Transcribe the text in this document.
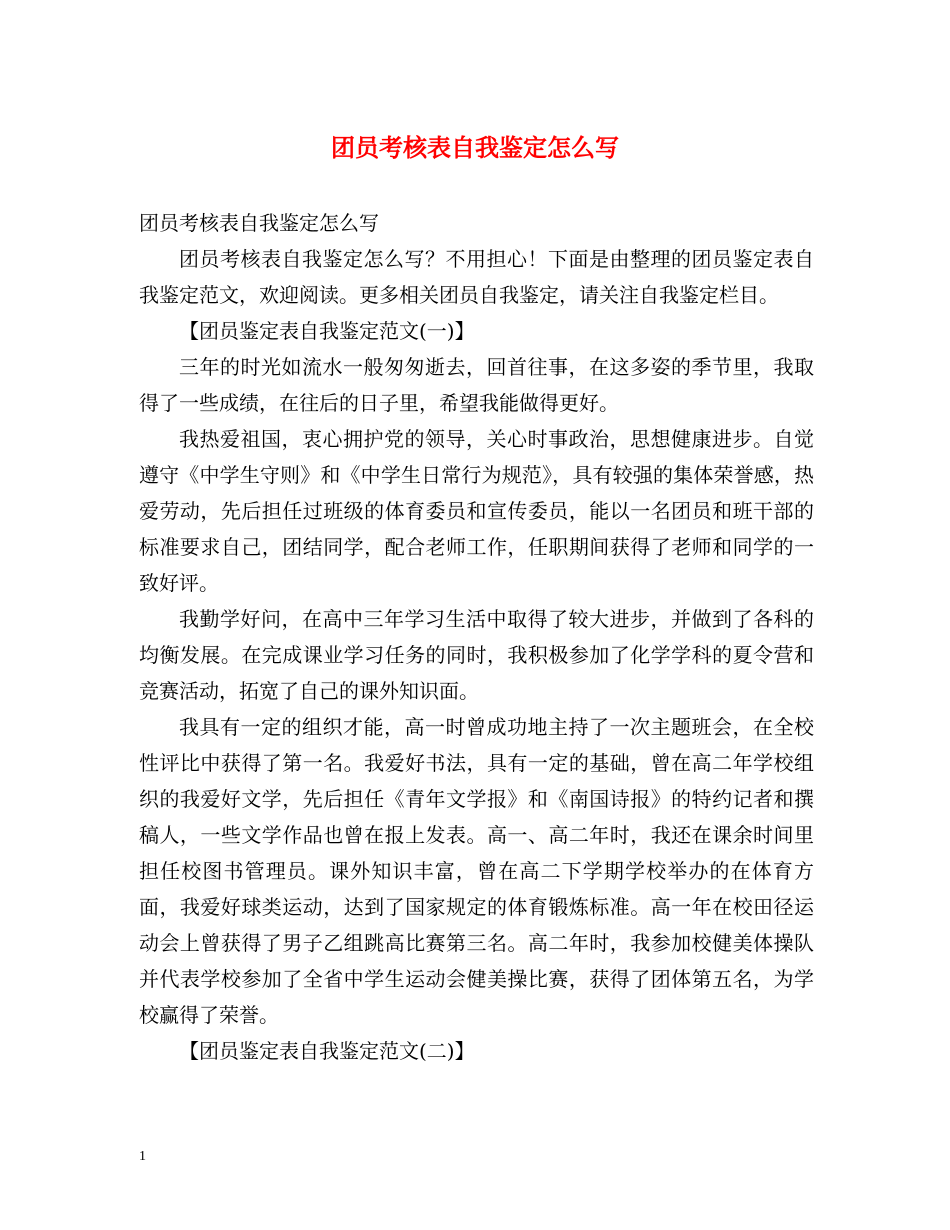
团员考核表自我鉴定怎么写

团员考核表自我鉴定怎么写

团员考核表自我鉴定怎么写？不用担心！下面是由整理的团员鉴定表自我鉴定范文，欢迎阅读。更多相关团员自我鉴定，请关注自我鉴定栏目。

【团员鉴定表自我鉴定范文(一)】

三年的时光如流水一般匆匆逝去，回首往事，在这多姿的季节里，我取得了一些成绩，在往后的日子里，希望我能做得更好。

我热爱祖国，衷心拥护党的领导，关心时事政治，思想健康进步。自觉遵守《中学生守则》和《中学生日常行为规范》，具有较强的集体荣誉感，热爱劳动，先后担任过班级的体育委员和宣传委员，能以一名团员和班干部的标准要求自己，团结同学，配合老师工作，任职期间获得了老师和同学的一致好评。

我勤学好问，在高中三年学习生活中取得了较大进步，并做到了各科的均衡发展。在完成课业学习任务的同时，我积极参加了化学学科的夏令营和竞赛活动，拓宽了自己的课外知识面。

我具有一定的组织才能，高一时曾成功地主持了一次主题班会，在全校性评比中获得了第一名。我爱好书法，具有一定的基础，曾在高二年学校组织的我爱好文学，先后担任《青年文学报》和《南国诗报》的特约记者和撰稿人，一些文学作品也曾在报上发表。高一、高二年时，我还在课余时间里担任校图书管理员。课外知识丰富，曾在高二下学期学校举办的在体育方面，我爱好球类运动，达到了国家规定的体育锻炼标准。高一年在校田径运动会上曾获得了男子乙组跳高比赛第三名。高二年时，我参加校健美体操队并代表学校参加了全省中学生运动会健美操比赛，获得了团体第五名，为学校赢得了荣誉。

【团员鉴定表自我鉴定范文(二)】

1
